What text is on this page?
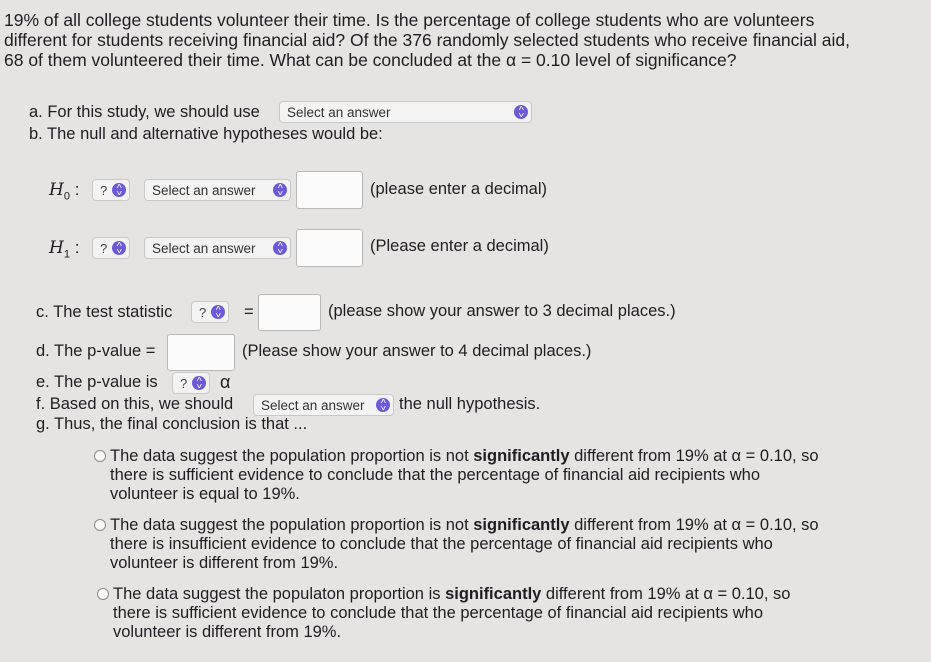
19% of all college students volunteer their time. Is the percentage of college students who are volunteers
different for students receiving financial aid? Of the 376 randomly selected students who receive financial aid,
68 of them volunteered their time. What can be concluded at the α = 0.10 level of significance?
a. For this study, we should use Select an answer	˄
˅
b. The null and alternative hypotheses would be:
$H_0$ : ? ˄
˅ Select an answer	˄
˅	(please enter a decimal)
$H_1$ : ? ˄
˅ Select an answer	˄
˅	(Please enter a decimal)
c. The test statistic ? ˄
˅ =	(please show your answer to 3 decimal places.)
d. The p-value =	(Please show your answer to 4 decimal places.)
e. The p-value is ? ˄
˅ α
f. Based on this, we should Select an answer ˄
˅ the null hypothesis.
g. Thus, the final conclusion is that ...
The data suggest the population proportion is not significantly different from 19% at α = 0.10, so
there is sufficient evidence to conclude that the percentage of financial aid recipients who
volunteer is equal to 19%.
The data suggest the population proportion is not significantly different from 19% at α = 0.10, so
there is insufficient evidence to conclude that the percentage of financial aid recipients who
volunteer is different from 19%.
The data suggest the populaton proportion is significantly different from 19% at α = 0.10, so
there is sufficient evidence to conclude that the percentage of financial aid recipients who
volunteer is different from 19%.
